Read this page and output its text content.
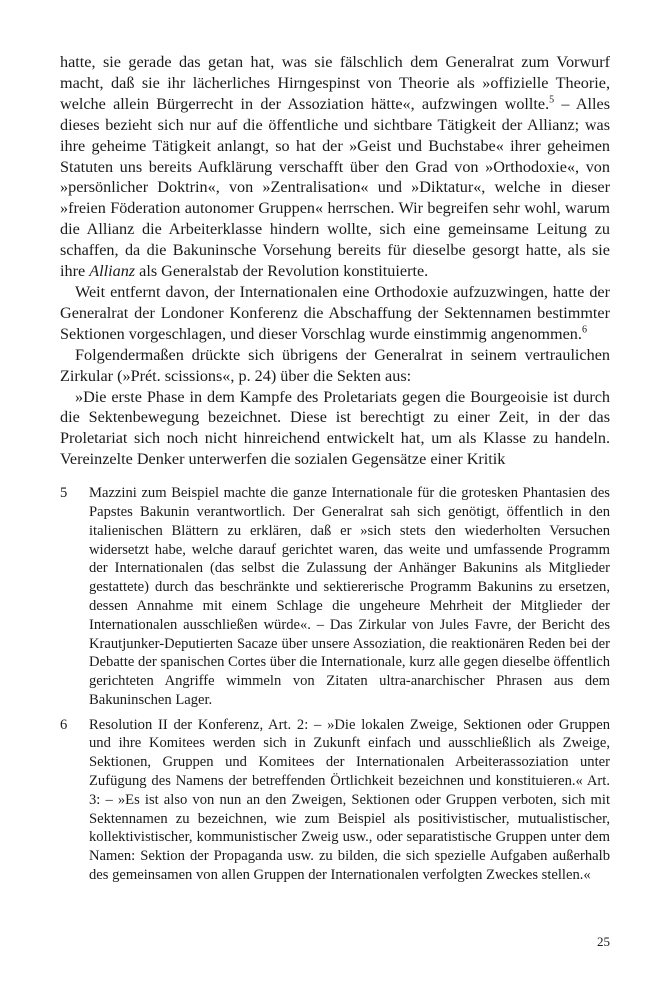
hatte, sie gerade das getan hat, was sie fälschlich dem Generalrat zum Vorwurf macht, daß sie ihr lächerliches Hirngespinst von Theorie als »offizielle Theorie, welche allein Bürgerrecht in der Assoziation hätte«, aufzwingen wollte.$^5$ – Alles dieses bezieht sich nur auf die öffentliche und sichtbare Tätigkeit der Allianz; was ihre geheime Tätigkeit anlangt, so hat der »Geist und Buchstabe« ihrer geheimen Statuten uns bereits Aufklärung verschafft über den Grad von »Orthodoxie«, von »persönlicher Doktrin«, von »Zentralisation« und »Diktatur«, welche in dieser »freien Föderation autonomer Gruppen« herrschen. Wir begreifen sehr wohl, warum die Allianz die Arbeiterklasse hindern wollte, sich eine gemeinsame Leitung zu schaffen, da die Bakuninsche Vorsehung bereits für dieselbe gesorgt hatte, als sie ihre Allianz als Generalstab der Revolution konstituierte.

Weit entfernt davon, der Internationalen eine Orthodoxie aufzuzwingen, hatte der Generalrat der Londoner Konferenz die Abschaffung der Sektennamen bestimmter Sektionen vorgeschlagen, und dieser Vorschlag wurde einstimmig angenommen.$^6$

Folgendermaßen drückte sich übrigens der Generalrat in seinem vertraulichen Zirkular (»Prét. scissions«, p. 24) über die Sekten aus:

»Die erste Phase in dem Kampfe des Proletariats gegen die Bourgeoisie ist durch die Sektenbewegung bezeichnet. Diese ist berechtigt zu einer Zeit, in der das Proletariat sich noch nicht hinreichend entwickelt hat, um als Klasse zu handeln. Vereinzelte Denker unterwerfen die sozialen Gegensätze einer Kritik

5	Mazzini zum Beispiel machte die ganze Internationale für die grotesken Phantasien des Papstes Bakunin verantwortlich. Der Generalrat sah sich genötigt, öffentlich in den italienischen Blättern zu erklären, daß er »sich stets den wiederholten Versuchen widersetzt habe, welche darauf gerichtet waren, das weite und umfassende Programm der Internationalen (das selbst die Zulassung der Anhänger Bakunins als Mitglieder gestattete) durch das beschränkte und sektiererische Programm Bakunins zu ersetzen, dessen Annahme mit einem Schlage die ungeheure Mehrheit der Mitglieder der Internationalen ausschließen würde«. – Das Zirkular von Jules Favre, der Bericht des Krautjunker-Deputierten Sacaze über unsere Assoziation, die reaktionären Reden bei der Debatte der spanischen Cortes über die Internationale, kurz alle gegen dieselbe öffentlich gerichteten Angriffe wimmeln von Zitaten ultra-anarchischer Phrasen aus dem Bakuninschen Lager.
6	Resolution II der Konferenz, Art. 2: – »Die lokalen Zweige, Sektionen oder Gruppen und ihre Komitees werden sich in Zukunft einfach und ausschließlich als Zweige, Sektionen, Gruppen und Komitees der Internationalen Arbeiterassoziation unter Zufügung des Namens der betreffenden Örtlichkeit bezeichnen und konstituieren.« Art. 3: – »Es ist also von nun an den Zweigen, Sektionen oder Gruppen verboten, sich mit Sektennamen zu bezeichnen, wie zum Beispiel als positivistischer, mutualistischer, kollektivistischer, kommunistischer Zweig usw., oder separatistische Gruppen unter dem Namen: Sektion der Propaganda usw. zu bilden, die sich spezielle Aufgaben außerhalb des gemeinsamen von allen Gruppen der Internationalen verfolgten Zweckes stellen.«
25
